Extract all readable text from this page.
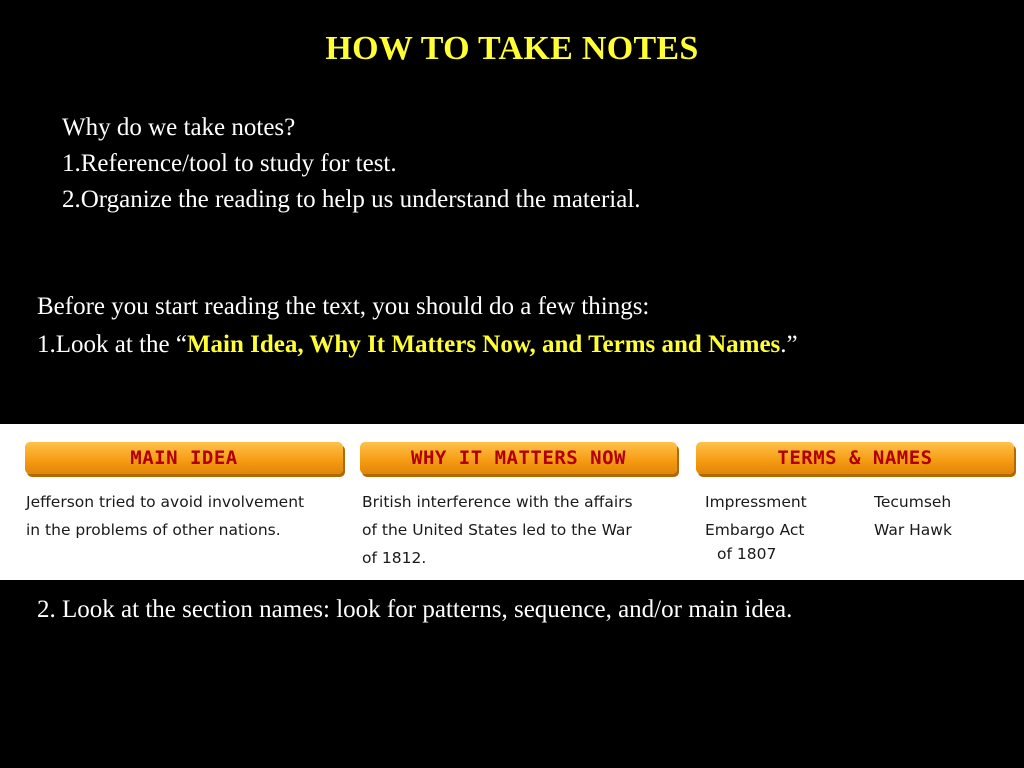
HOW TO TAKE NOTES
Why do we take notes?
1.Reference/tool to study for test.
2.Organize the reading to help us understand the material.
Before you start reading the text, you should do a few things:
1.Look at the “Main Idea, Why It Matters Now, and Terms and Names.”
MAIN IDEA	WHY IT MATTERS NOW	TERMS & NAMES
Jefferson tried to avoid involvement
in the problems of other nations.
British interference with the affairs
of the United States led to the War
of 1812.
Impressment
Embargo Act
of 1807
Tecumseh
War Hawk
2. Look at the section names: look for patterns, sequence, and/or main idea.
